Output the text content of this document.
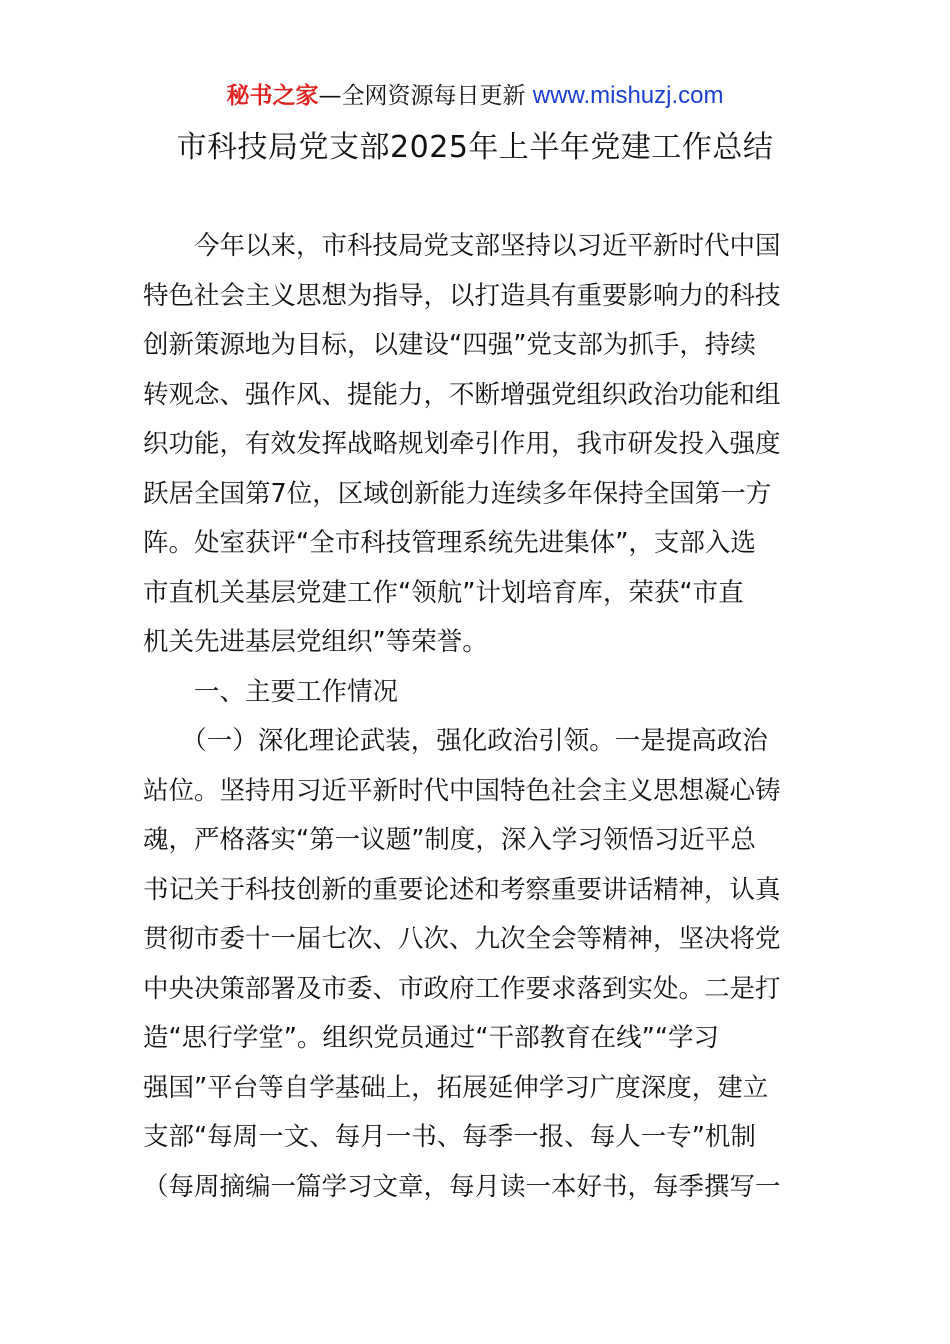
秘书之家—全网资源每日更新 www.mishuzj.com
市科技局党支部2025年上半年党建工作总结
　　今年以来，市科技局党支部坚持以习近平新时代中国
特色社会主义思想为指导，以打造具有重要影响力的科技
创新策源地为目标，以建设“四强”党支部为抓手，持续
转观念、强作风、提能力，不断增强党组织政治功能和组
织功能，有效发挥战略规划牵引作用，我市研发投入强度
跃居全国第7位，区域创新能力连续多年保持全国第一方
阵。处室获评“全市科技管理系统先进集体”，支部入选
市直机关基层党建工作“领航”计划培育库，荣获“市直
机关先进基层党组织”等荣誉。
　　一、主要工作情况
　　（一）深化理论武装，强化政治引领。一是提高政治
站位。坚持用习近平新时代中国特色社会主义思想凝心铸
魂，严格落实“第一议题”制度，深入学习领悟习近平总
书记关于科技创新的重要论述和考察重要讲话精神，认真
贯彻市委十一届七次、八次、九次全会等精神，坚决将党
中央决策部署及市委、市政府工作要求落到实处。二是打
造“思行学堂”。组织党员通过“干部教育在线”“学习
强国”平台等自学基础上，拓展延伸学习广度深度，建立
支部“每周一文、每月一书、每季一报、每人一专”机制
（每周摘编一篇学习文章，每月读一本好书，每季撰写一
